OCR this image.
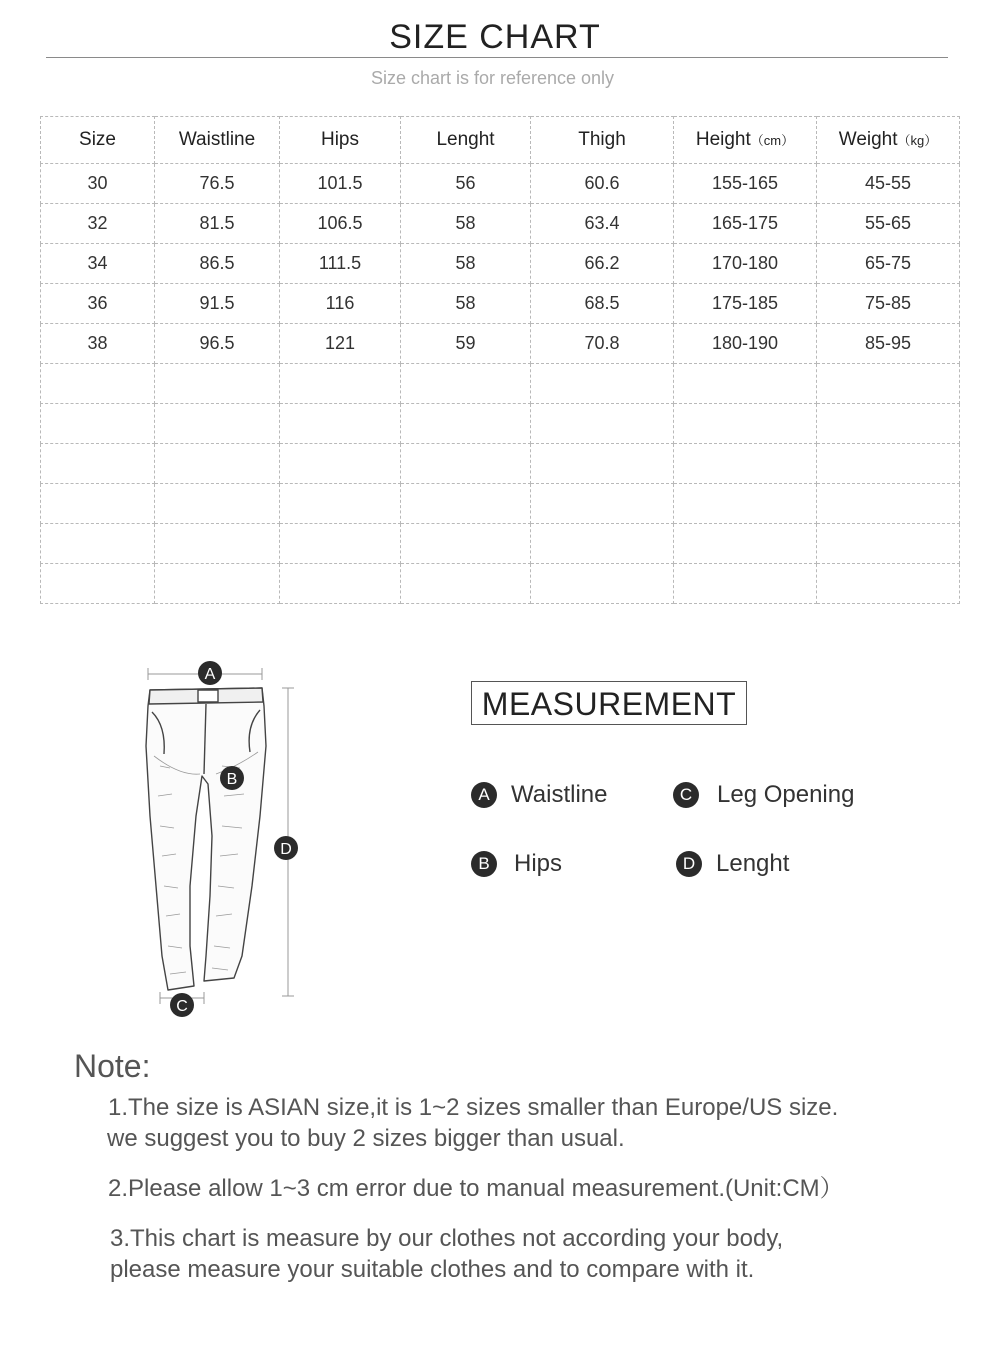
SIZE CHART
Size chart is for reference only
Size	Waistline	Hips	Lenght	Thigh	Height（cm）	Weight（kg）
30	76.5	101.5	56	60.6	155-165	45-55
32	81.5	106.5	58	63.4	165-175	55-65
34	86.5	111.5	58	66.2	170-180	65-75
36	91.5	116	58	68.5	175-185	75-85
38	96.5	121	59	70.8	180-190	85-95

A
B
C
D
MEASUREMENT
A Waistline	C Leg Opening
B	Hips	D Lenght
Note:
1.The size is ASIAN size,it is 1~2 sizes smaller than Europe/US size.
we suggest you to buy 2 sizes bigger than usual.
2.Please allow 1~3 cm error due to manual measurement.(Unit:CM）
3.This chart is measure by our clothes not according your body,
please measure your suitable clothes and to compare with it.
